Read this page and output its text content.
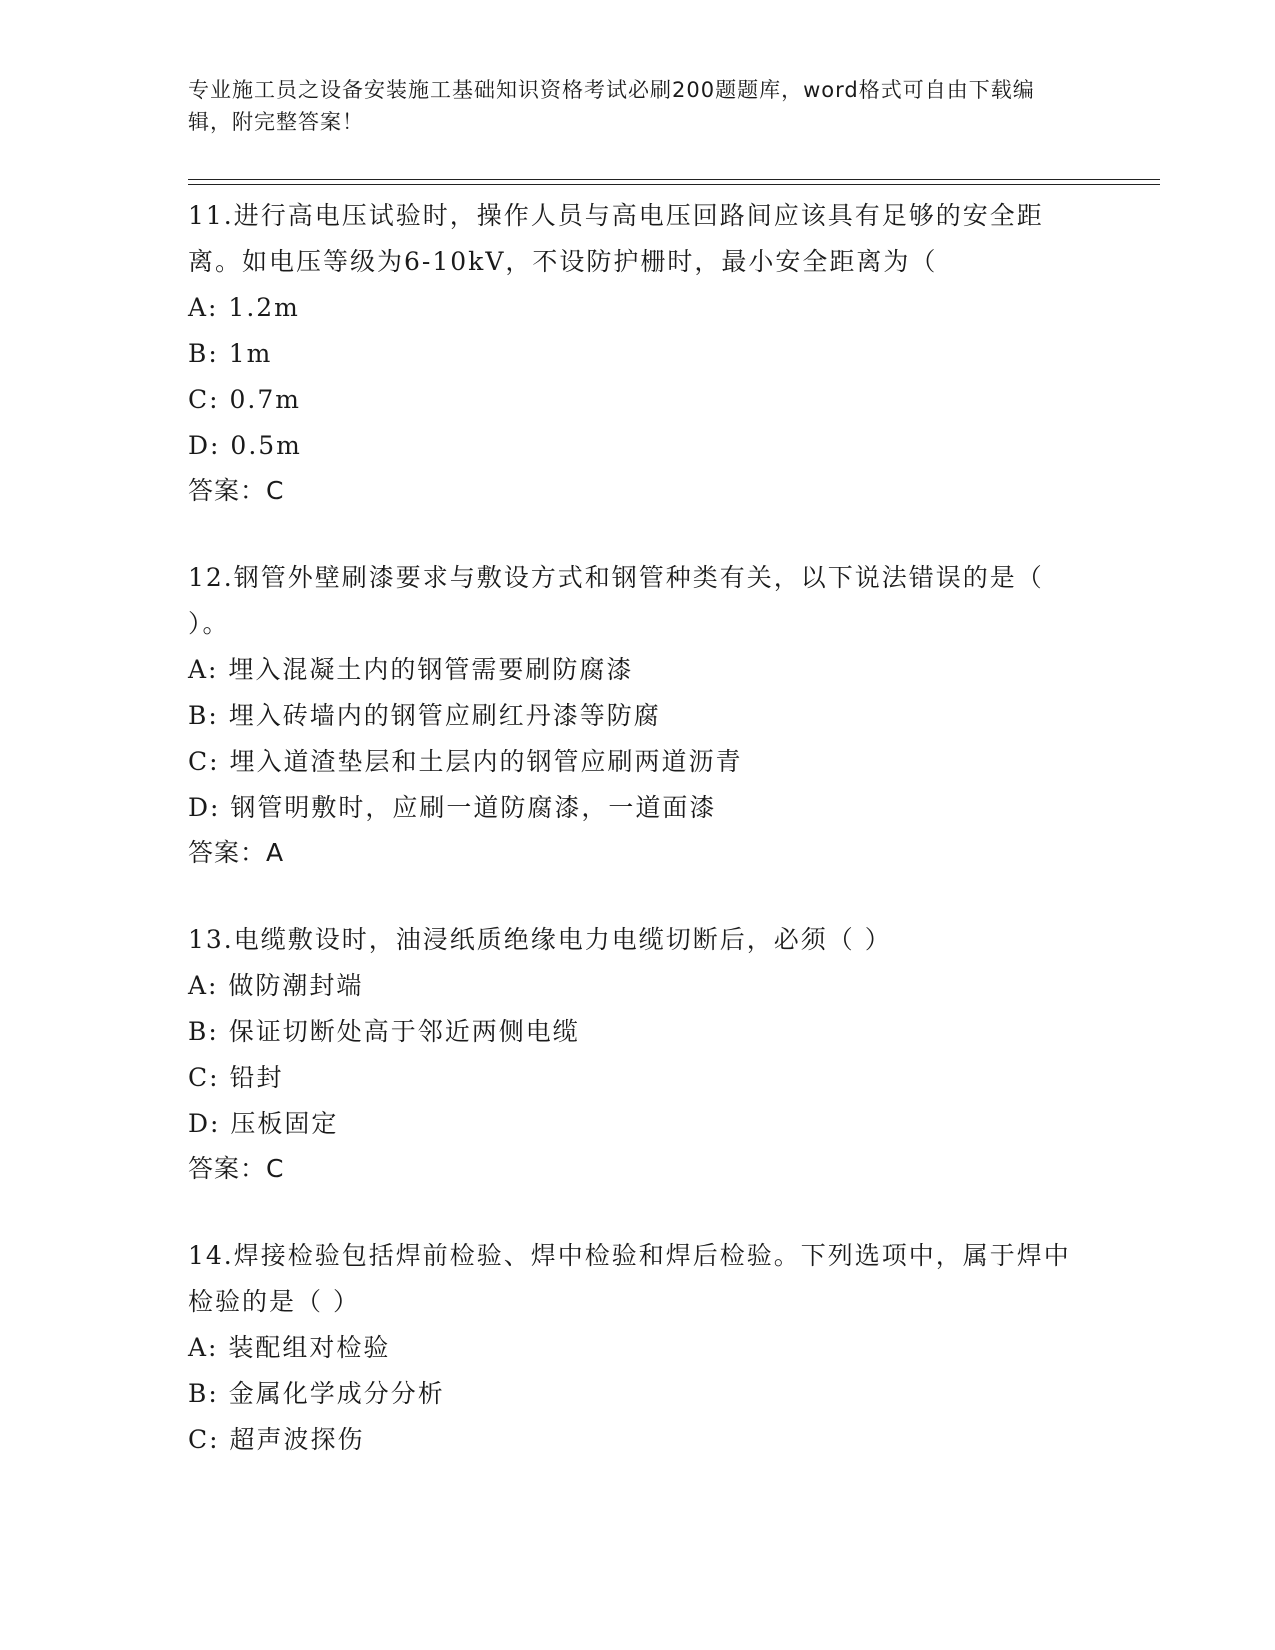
专业施工员之设备安装施工基础知识资格考试必刷200题题库，word格式可自由下载编辑，附完整答案！
11.进行高电压试验时，操作人员与高电压回路间应该具有足够的安全距离。如电压等级为6-10kV，不设防护栅时，最小安全距离为（
A: 1.2m
B: 1m
C: 0.7m
D: 0.5m
答案：C
12.钢管外壁刷漆要求与敷设方式和钢管种类有关，以下说法错误的是（ ）。
A: 埋入混凝土内的钢管需要刷防腐漆
B: 埋入砖墙内的钢管应刷红丹漆等防腐
C: 埋入道渣垫层和土层内的钢管应刷两道沥青
D: 钢管明敷时，应刷一道防腐漆，一道面漆
答案：A
13.电缆敷设时，油浸纸质绝缘电力电缆切断后，必须（ ）
A: 做防潮封端
B: 保证切断处高于邻近两侧电缆
C: 铅封
D: 压板固定
答案：C
14.焊接检验包括焊前检验、焊中检验和焊后检验。下列选项中，属于焊中检验的是（ ）
A: 装配组对检验
B: 金属化学成分分析
C: 超声波探伤
